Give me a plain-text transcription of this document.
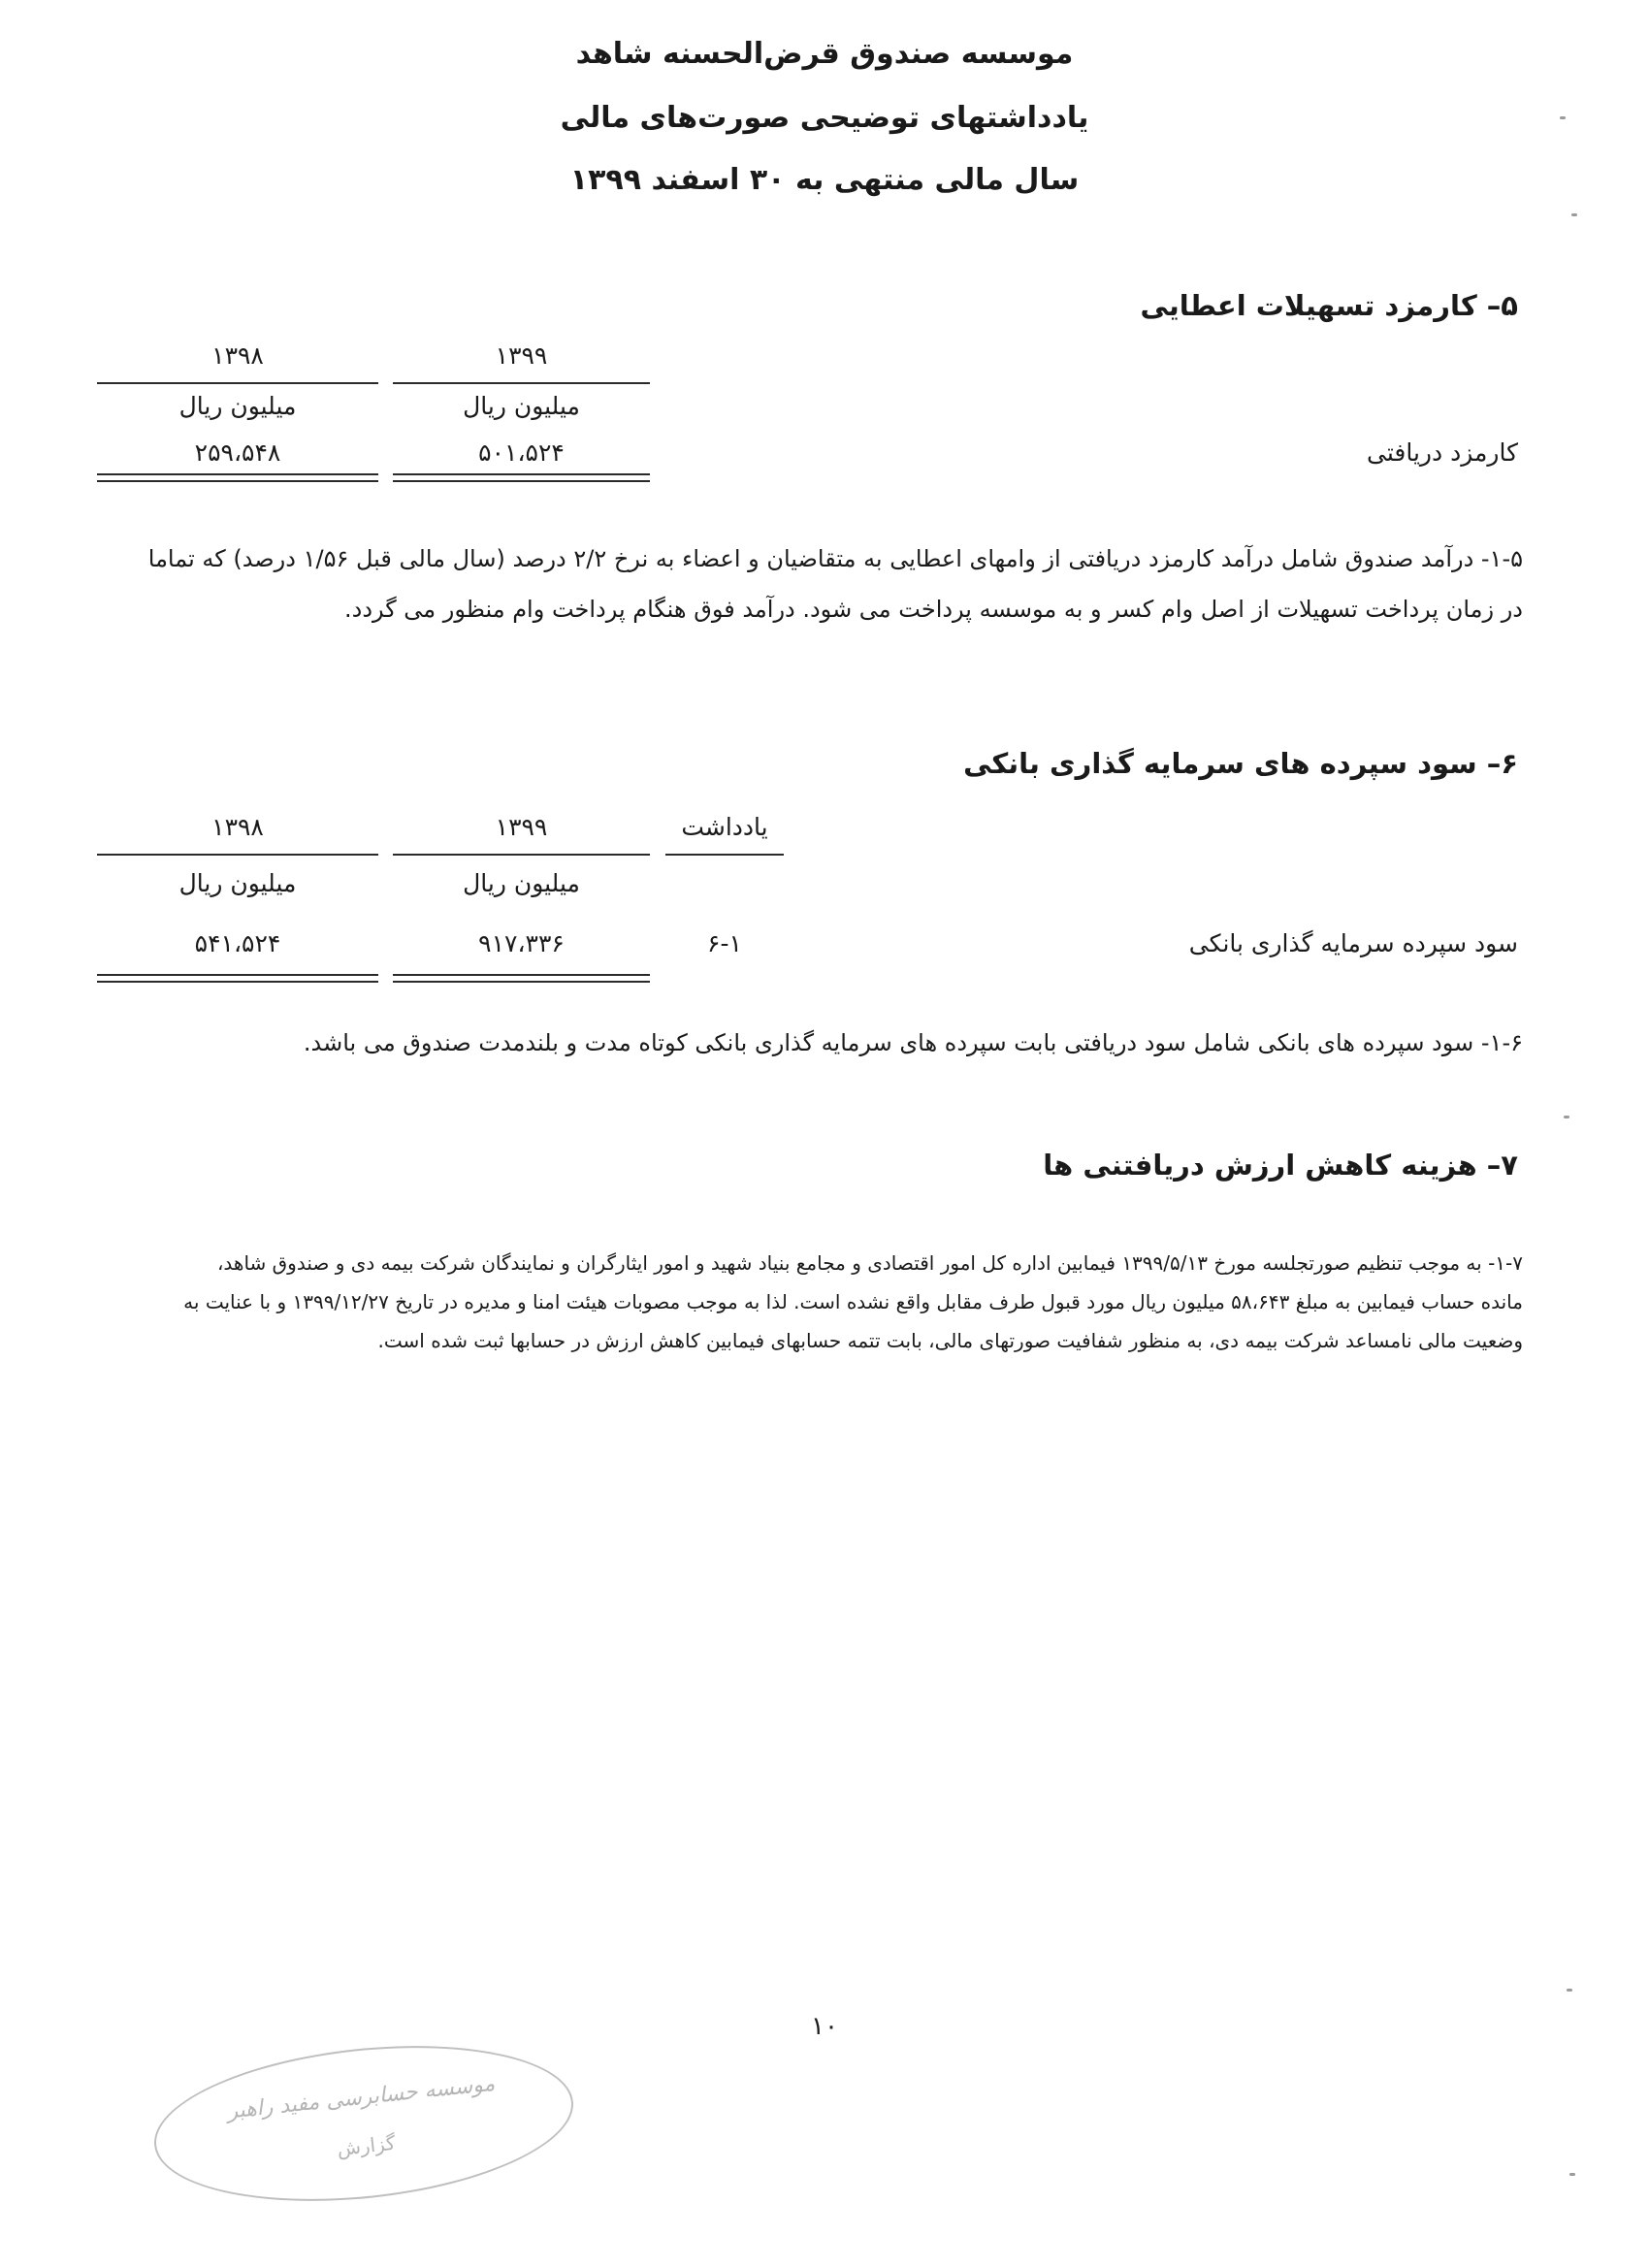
موسسه صندوق قرض‌الحسنه شاهد
یادداشتهای توضیحی صورت‌های مالی
سال مالی منتهی به ۳۰ اسفند ۱۳۹۹
۵– کارمزد تسهیلات اعطایی
۱۳۹۹
۱۳۹۸
میلیون ریال
میلیون ریال
۵۰۱،۵۲۴
۲۵۹،۵۴۸	کارمزد دریافتی
۱-۵- درآمد صندوق شامل درآمد کارمزد دریافتی از وامهای اعطایی به متقاضیان و اعضاء به نرخ ۲/۲ درصد (سال مالی قبل ۱/۵۶ درصد) که تماما
در زمان پرداخت تسهیلات از اصل وام کسر و به موسسه پرداخت می شود. درآمد فوق هنگام پرداخت وام منظور می گردد.
۶– سود سپرده های سرمایه گذاری بانکی
یادداشت
۱۳۹۹
۱۳۹۸
میلیون ریال
میلیون ریال
سود سپرده سرمایه گذاری بانکی
۶-۱
۹۱۷،۳۳۶
۵۴۱،۵۲۴
۱-۶- سود سپرده های بانکی شامل سود دریافتی بابت سپرده های سرمایه گذاری بانکی کوتاه مدت و بلندمدت صندوق می باشد.
۷– هزینه کاهش ارزش دریافتنی ها
۱-۷- به موجب تنظیم صورتجلسه مورخ ۱۳۹۹/۵/۱۳ فیمابین اداره کل امور اقتصادی و مجامع بنیاد شهید و امور ایثارگران و نمایندگان شرکت بیمه دی و صندوق شاهد،
مانده حساب فیمابین به مبلغ ۵۸،۶۴۳ میلیون ریال مورد قبول طرف مقابل واقع نشده است. لذا به موجب مصوبات هیئت امنا و مدیره در تاریخ ۱۳۹۹/۱۲/۲۷ و با عنایت به
وضعیت مالی نامساعد شرکت بیمه دی، به منظور شفافیت صورتهای مالی، بابت تتمه حسابهای فیمابین کاهش ارزش در حسابها ثبت شده است.
۱۰
موسسه حسابرسی مفید راهبر
گزارش
